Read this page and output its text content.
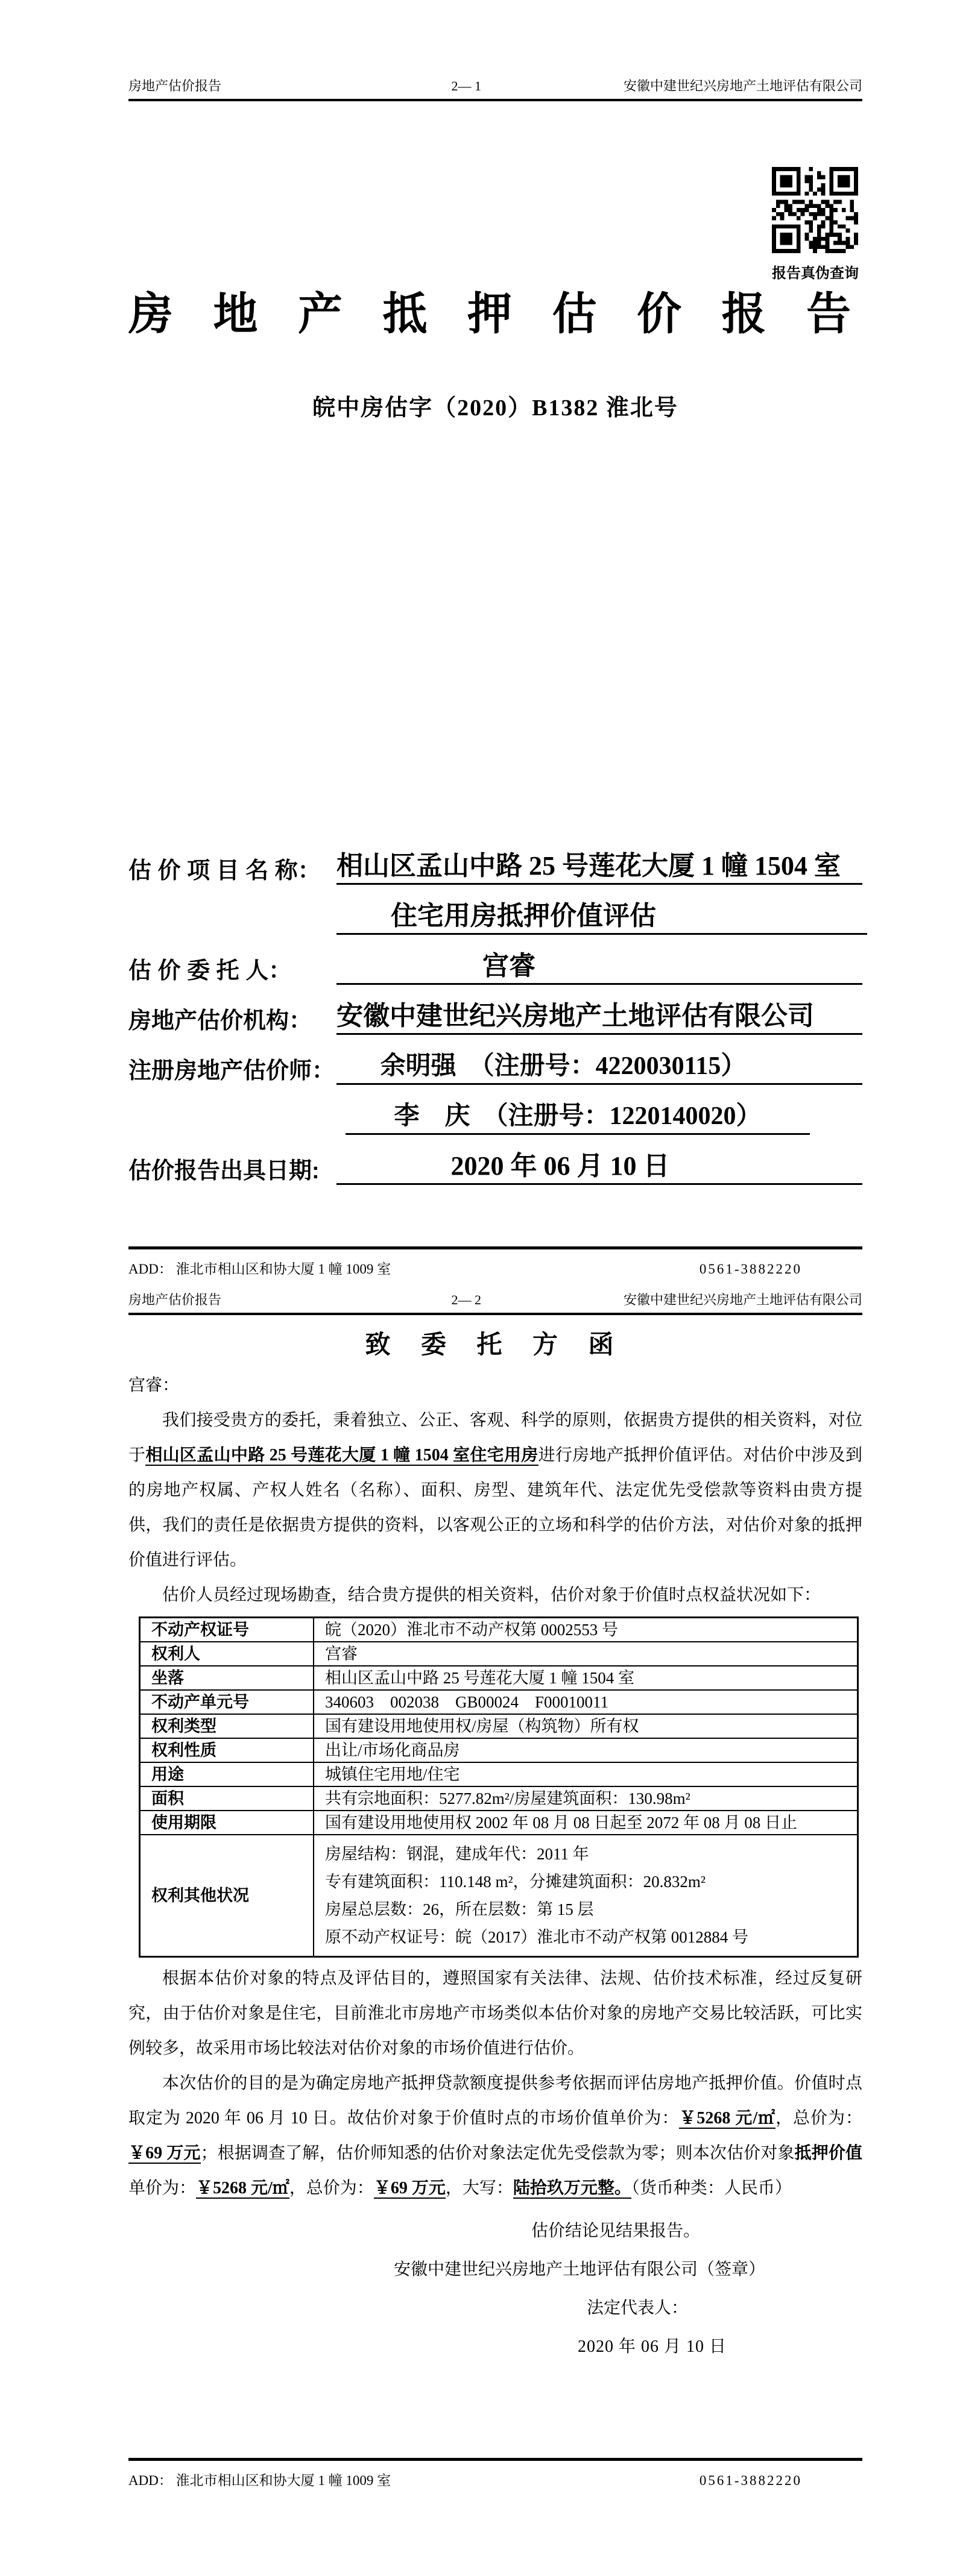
房地产估价报告	2— 1	安徽中建世纪兴房地产土地评估有限公司
报告真伪查询
房 地 产 抵 押 估 价 报 告
皖中房估字（2020）B1382 淮北号
估 价 项 目 名 称： 相山区孟山中路 25 号莲花大厦 1 幢 1504 室
住宅用房抵押价值评估
估 价 委 托 人：	宫睿
房地产估价机构： 安徽中建世纪兴房地产土地评估有限公司
注册房地产估价师：	余明强　（注册号：4220030115）
李　庆　（注册号：1220140020）
估价报告出具日期:	2020 年 06 月 10 日
ADD： 淮北市相山区和协大厦 1 幢 1009 室	0561-3882220
房地产估价报告	2— 2	安徽中建世纪兴房地产土地评估有限公司
致 委 托 方 函

宫睿：

我们接受贵方的委托，秉着独立、公正、客观、科学的原则，依据贵方提供的相关资料，对位于相山区孟山中路 25 号莲花大厦 1 幢 1504 室住宅用房进行房地产抵押价值评估。对估价中涉及到的房地产权属、产权人姓名（名称）、面积、房型、建筑年代、法定优先受偿款等资料由贵方提供，我们的责任是依据贵方提供的资料，以客观公正的立场和科学的估价方法，对估价对象的抵押价值进行评估。

估价人员经过现场勘查，结合贵方提供的相关资料，估价对象于价值时点权益状况如下：

不动产权证号	皖（2020）淮北市不动产权第 0002553 号
权利人	宫睿
坐落	相山区孟山中路 25 号莲花大厦 1 幢 1504 室
不动产单元号	340603　002038　GB00024　F00010011
权利类型	国有建设用地使用权/房屋（构筑物）所有权
权利性质	出让/市场化商品房
用途	城镇住宅用地/住宅
面积	共有宗地面积：5277.82m²/房屋建筑面积：130.98m²
使用期限	国有建设用地使用权 2002 年 08 月 08 日起至 2072 年 08 月 08 日止
权利其他状况	房屋结构：钢混，建成年代：2011 年
专有建筑面积：110.148 m²，分摊建筑面积：20.832m²
房屋总层数：26，所在层数：第 15 层
原不动产权证号：皖（2017）淮北市不动产权第 0012884 号

根据本估价对象的特点及评估目的，遵照国家有关法律、法规、估价技术标准，经过反复研究，由于估价对象是住宅，目前淮北市房地产市场类似本估价对象的房地产交易比较活跃，可比实例较多，故采用市场比较法对估价对象的市场价值进行估价。

本次估价的目的是为确定房地产抵押贷款额度提供参考依据而评估房地产抵押价值。价值时点取定为 2020 年 06 月 10 日。故估价对象于价值时点的市场价值单价为：￥5268 元/㎡，总价为：￥69 万元；根据调查了解，估价师知悉的估价对象法定优先受偿款为零；则本次估价对象抵押价值单价为：￥5268 元/㎡，总价为：￥69 万元，大写：陆拾玖万元整。（货币种类：人民币）

估价结论见结果报告。
安徽中建世纪兴房地产土地评估有限公司（签章）
法定代表人：
2020 年 06 月 10 日
ADD： 淮北市相山区和协大厦 1 幢 1009 室	0561-3882220
